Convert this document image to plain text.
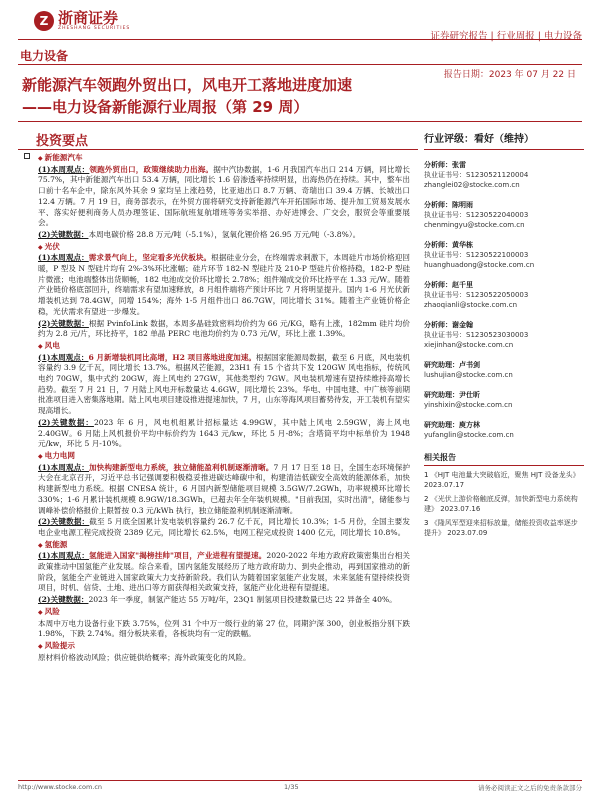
Z 浙商证券
ZHESHANG SECURITIES
证券研究报告 | 行业周报 | 电力设备
电力设备
报告日期：2023 年 07 月 22 日
新能源汽车领跑外贸出口，风电开工落地进度加速
——电力设备新能源行业周报（第 29 周）
投资要点
◆ 新能源汽车

(1)本周观点：领跑外贸出口，政策继续助力出海。据中汽协数据，1-6 月我国汽车出口 214 万辆，同比增长 75.7%，其中新能源汽车出口 53.4 万辆，同比增长 1.6 倍渗透率持续明显，出海热仍在持续。其中，整车出口前十名车企中，除东风外其余 9 家均呈上涨趋势，比亚迪出口 8.7 万辆、奇瑞出口 39.4 万辆、长城出口 12.4 万辆。7 月 19 日，商务部表示，在外贸方面将研究支持新能源汽车开拓国际市场、提升加工贸易发展水平、落实好便利商务人员办理签证、国际航班复航增班等务实举措、办好进博会、广交会，服贸会等重要展会。

(2)关键数据：本周电碳价格 28.8 万元/吨（-5.1%），氢氧化锂价格 26.95 万元/吨（-3.8%）。

◆ 光伏

(1)本周观点：需求景气向上，坚定看多光伏板块。根据硅业分会，在终端需求刺激下，本周硅片市场价格迎回暖，P 型及 N 型硅片均有 2%-3%环比涨幅；硅片环节 182-N 型硅片及 210-P 型硅片价格持稳，182-P 型硅片微涨；电池端整体出货顺畅，182 电池成交价环比增长 2.78%；组件端成交价环比持平在 1.33 元/W。随着产业链价格底部回升，终端需求有望加速释放，8 月组件端将产预计环比 7 月将明显提升。国内 1-6 月光伏新增装机达到 78.4GW，同增 154%；海外 1-5 月组件出口 86.7GW，同比增长 31%。随着主产业链价格企稳，光伏需求有望进一步爆发。

(2)关键数据：根据 PvinfoLink 数据，本周多晶硅致密料均价约为 66 元/KG，略有上涨，182mm 硅片均价约为 2.8 元/片，环比持平，182 单晶 PERC 电池均价约为 0.73 元/W，环比上涨 1.39%。

◆ 风电

(1)本周观点：6 月新增装机同比高增，H2 项目落地进度加速。根据国家能源局数据，截至 6 月底，风电装机容量约 3.9 亿千瓦，同比增长 13.7%。根据风芒能源，23H1 有 15 个省共下发 120GW 风电指标，传统风电约 70GW，集中式约 20GW，海上风电约 27GW，其他类型约 7GW。风电装机增速有望持续维持高增长趋势。截至 7 月 21 日，7 月陆上风电开标数量达 4.6GW，同比增长 23%。华电、中国电建、中广核等前期批准项目进入密集落地期。陆上风电项目建设推进提速加快，7 月，山东等海风项目蓄势待发，开工装机有望实现高增长。

(2)关键数据：2023 年 6 月，风电机组累计招标量达 4.99GW，其中陆上风电 2.59GW，海上风电 2.40GW。6 月陆上风机报价平均中标价约为 1643 元/kw，环比 5 月-8%；含塔筒平均中标单价为 1948 元/kw，环比 5 月-10%。

◆ 电力电网

(1)本周观点：加快构建新型电力系统，独立储能盈利机制逐渐清晰。7 月 17 日至 18 日，全国生态环境保护大会在北京召开，习近平总书记强调要积极稳妥推进碳达峰碳中和，构建清洁低碳安全高效的能源体系，加快构建新型电力系统。根据 CNESA 统计，6 月国内新型储能项目规模 3.5GW/7.2GWh，功率规模环比增长 330%；1-6 月累计装机规模 8.9GW/18.3GWh，已超去年全年装机规模。"目前我国，实时出清"，储能参与调峰补偿价格报价上限暂按 0.3 元/kWh 执行，独立储能盈利机制逐渐清晰。

(2)关键数据：截至 5 月底全国累计发电装机容量约 26.7 亿千瓦，同比增长 10.3%；1-5 月份，全国主要发电企业电源工程完成投资 2389 亿元，同比增长 62.5%，电网工程完成投资 1400 亿元，同比增长 10.8%。

◆ 氢能源

(1)本周观点：氢能进入国家"揭榜挂帅"项目，产业进程有望提速。2020-2022 年地方政府政策密集出台相关政策推动中国氢能产业发展。综合来看，国内氢能发展经历了地方政府助力、到央企推动，再到国家推动的新阶段，氢能全产业链进入国家政策大力支持新阶段。我们认为随着国家氢能产业发展，未来氢能有望持续投资项目，时机、信贷、土地、进出口等方面获得相关政策支持，氢能产业化进程有望提速。

(2)关键数据：2023 年一季度，制氢产能达 55 万吨/年，23Q1 制氢项目投建数量已达 22 异备全 40%。

◆ 风险

本周中万电力设备行业下跌 3.75%，位列 31 个中万一级行业的第 27 位，同期沪深 300，创业板指分别下跌 1.98%，下跌 2.74%。细分板块来看，各板块均有一定的跌幅。

◆ 风险提示

原材料价格波动风险；供应链供给概率；海外政策变化的风险。

行业评级：看好（维持）
分析师：张雷
执业证书号：S1230521120004
zhanglei02@stocke.com.cn
分析师：陈明雨
执业证书号：S1230522040003
chenmingyu@stocke.com.cn
分析师：黄华栋
执业证书号：S1230522100003
huanghuadong@stocke.com.cn
分析师：赵千里
执业证书号：S1230522050003
zhaoqianli@stocke.com.cn
分析师：谢金翰
执业证书号：S1230523030003
xiejinhan@stocke.com.cn
研究助理：卢书剑
lushujian@stocke.com.cn
研究助理：尹仕昕
yinshixin@stocke.com.cn
研究助理：庾方林
yufanglin@stocke.com.cn
相关报告
1 《HJT 电池量大突破临近，聚焦 HJT 设备龙头》 2023.07.17
2 《光伏上游价格触底反弹，加快新型电力系统构建》 2023.07.16
3 《隆风军型迎来招标放量，储能投资收益率逐步提升》 2023.07.09
http://www.stocke.com.cn	1/35	请务必阅读正文之后的免责条款部分
